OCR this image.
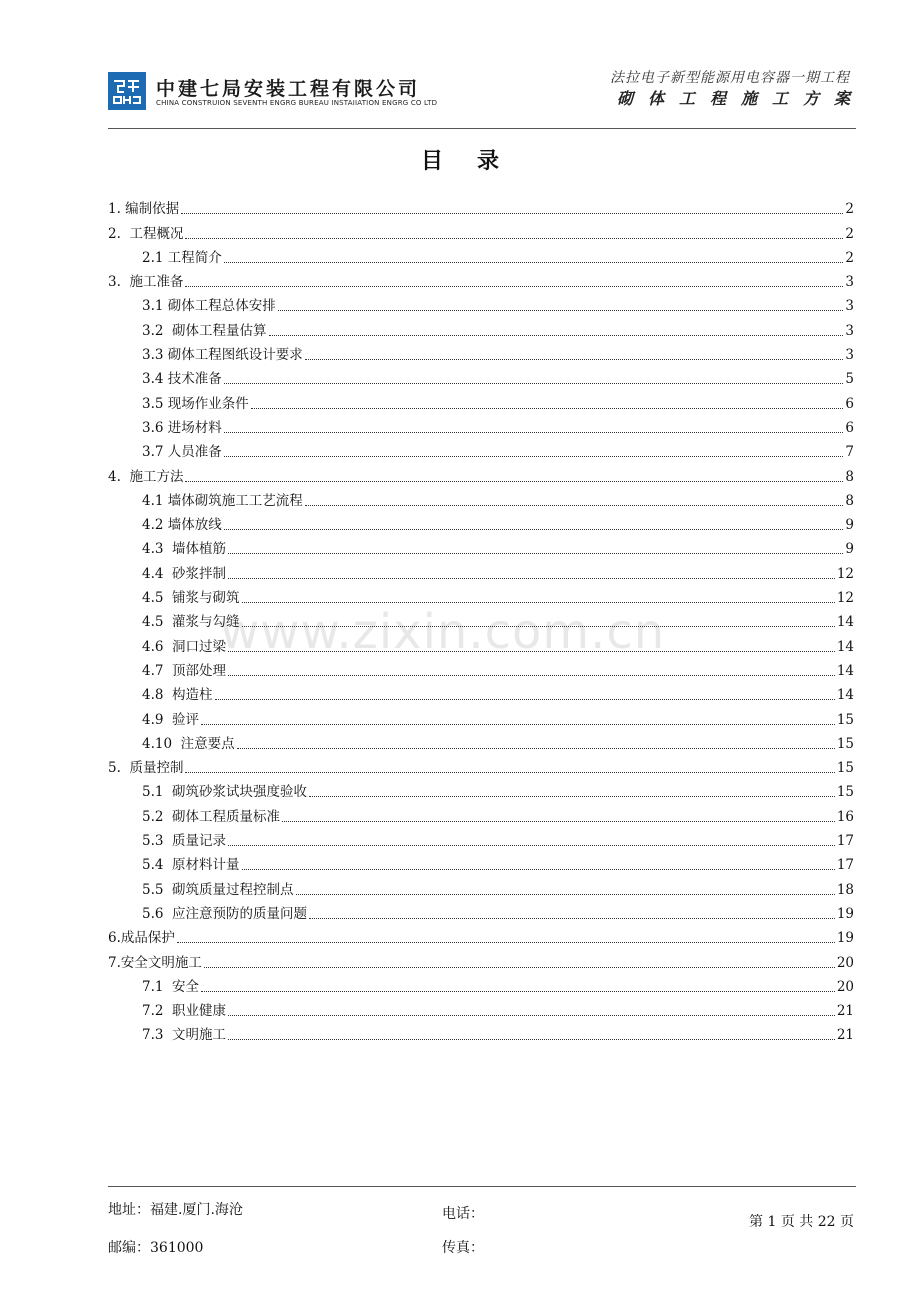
中建七局安装工程有限公司
CHINA CONSTRUION SEVENTH ENGRG BUREAU INSTAIIATION ENGRG CO LTD
法拉电子新型能源用电容器一期工程
砌体工程施工方案
目录
www.zixin.com.cn
1. 编制依据	2
2.  工程概况	2
2.1 工程简介	2
3.  施工准备	3
3.1 砌体工程总体安排	3
3.2  砌体工程量估算	3
3.3 砌体工程图纸设计要求	3
3.4 技术准备	5
3.5 现场作业条件	6
3.6 进场材料	6
3.7 人员准备	7
4.  施工方法	8
4.1 墙体砌筑施工工艺流程	8
4.2 墙体放线	9
4.3  墙体植筋	9
4.4  砂浆拌制	12
4.5  铺浆与砌筑	12
4.5  灌浆与勾缝	14
4.6  洞口过梁	14
4.7  顶部处理	14
4.8  构造柱	14
4.9  验评	15
4.10  注意要点	15
5.  质量控制	15
5.1  砌筑砂浆试块强度验收	15
5.2  砌体工程质量标准	16
5.3  质量记录	17
5.4  原材料计量	17
5.5  砌筑质量过程控制点	18
5.6  应注意预防的质量问题	19
6.成品保护	19
7.安全文明施工	20
7.1  安全	20
7.2  职业健康	21
7.3  文明施工	21
地址：福建.厦门.海沧
邮编：361000
电话：
传真：
第 1 页 共 22 页
